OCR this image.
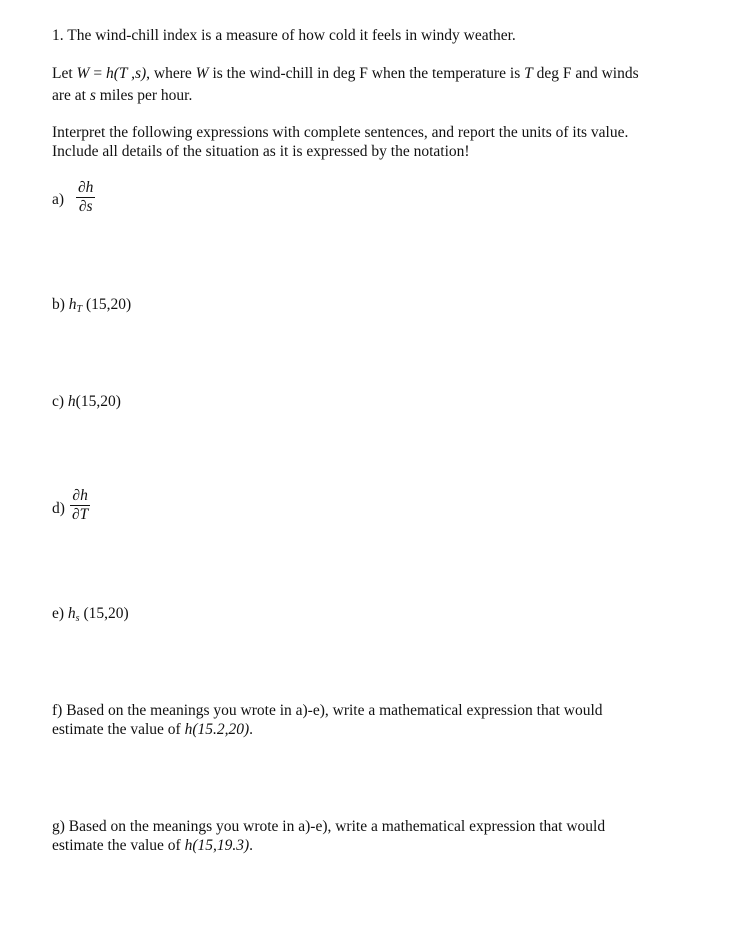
1. The wind-chill index is a measure of how cold it feels in windy weather.
Let W = h(T ,s), where W is the wind-chill in deg F when the temperature is T deg F and winds
are at s miles per hour.
Interpret the following expressions with complete sentences, and report the units of its value.
Include all details of the situation as it is expressed by the notation!
a)
∂h
∂s
b) $h_T$ (15,20)
c) h(15,20)
d)
∂h
∂T
e) $h_s$ (15,20)
f) Based on the meanings you wrote in a)-e), write a mathematical expression that would
estimate the value of h(15.2,20).
g) Based on the meanings you wrote in a)-e), write a mathematical expression that would
estimate the value of h(15,19.3).
